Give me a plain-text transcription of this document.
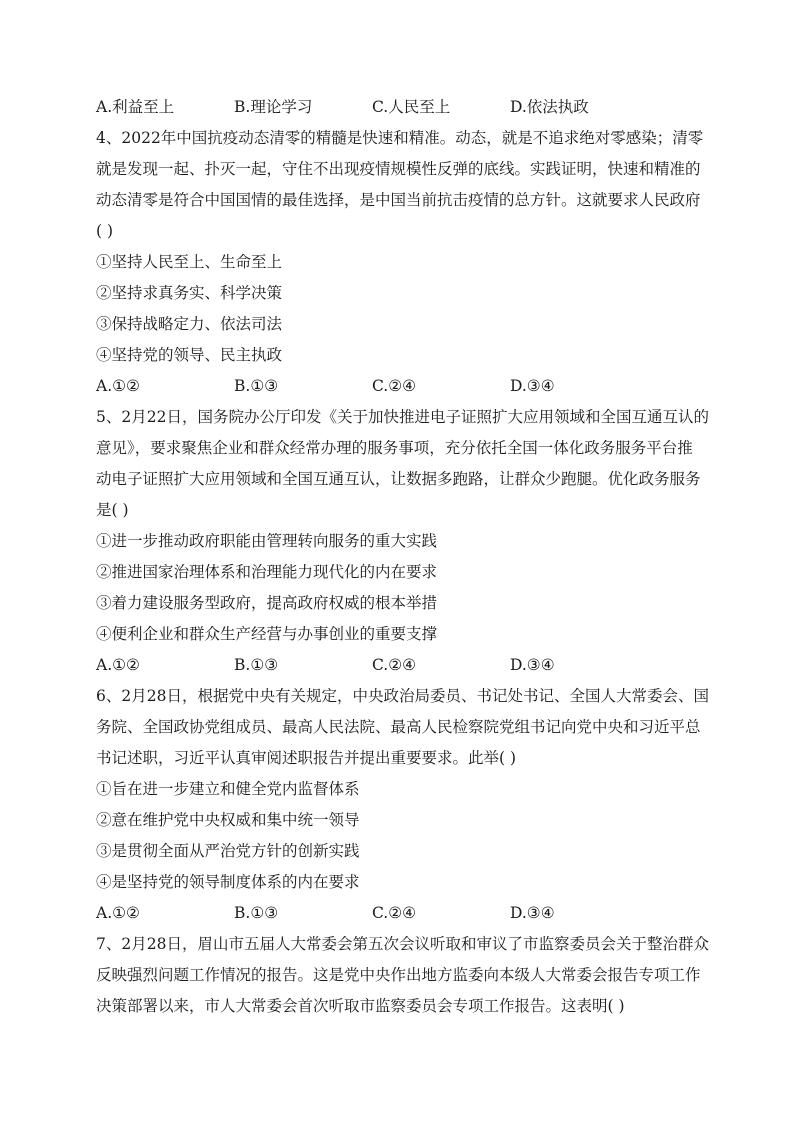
A.利益至上	B.理论学习	C.人民至上	D.依法执政
4、2022年中国抗疫动态清零的精髓是快速和精准。动态，就是不追求绝对零感染；清零
就是发现一起、扑灭一起，守住不出现疫情规模性反弹的底线。实践证明，快速和精准的
动态清零是符合中国国情的最佳选择，是中国当前抗击疫情的总方针。这就要求人民政府
( )
①坚持人民至上、生命至上
②坚持求真务实、科学决策
③保持战略定力、依法司法
④坚持党的领导、民主执政
A.①②	B.①③	C.②④	D.③④
5、2月22日，国务院办公厅印发《关于加快推进电子证照扩大应用领域和全国互通互认的
意见》，要求聚焦企业和群众经常办理的服务事项，充分依托全国一体化政务服务平台推
动电子证照扩大应用领域和全国互通互认，让数据多跑路，让群众少跑腿。优化政务服务
是( )
①进一步推动政府职能由管理转向服务的重大实践
②推进国家治理体系和治理能力现代化的内在要求
③着力建设服务型政府，提高政府权威的根本举措
④便利企业和群众生产经营与办事创业的重要支撑
A.①②	B.①③	C.②④	D.③④
6、2月28日，根据党中央有关规定，中央政治局委员、书记处书记、全国人大常委会、国
务院、全国政协党组成员、最高人民法院、最高人民检察院党组书记向党中央和习近平总
书记述职，习近平认真审阅述职报告并提出重要要求。此举( )
①旨在进一步建立和健全党内监督体系
②意在维护党中央权威和集中统一领导
③是贯彻全面从严治党方针的创新实践
④是坚持党的领导制度体系的内在要求
A.①②	B.①③	C.②④	D.③④
7、2月28日，眉山市五届人大常委会第五次会议听取和审议了市监察委员会关于整治群众
反映强烈问题工作情况的报告。这是党中央作出地方监委向本级人大常委会报告专项工作
决策部署以来，市人大常委会首次听取市监察委员会专项工作报告。这表明( )
